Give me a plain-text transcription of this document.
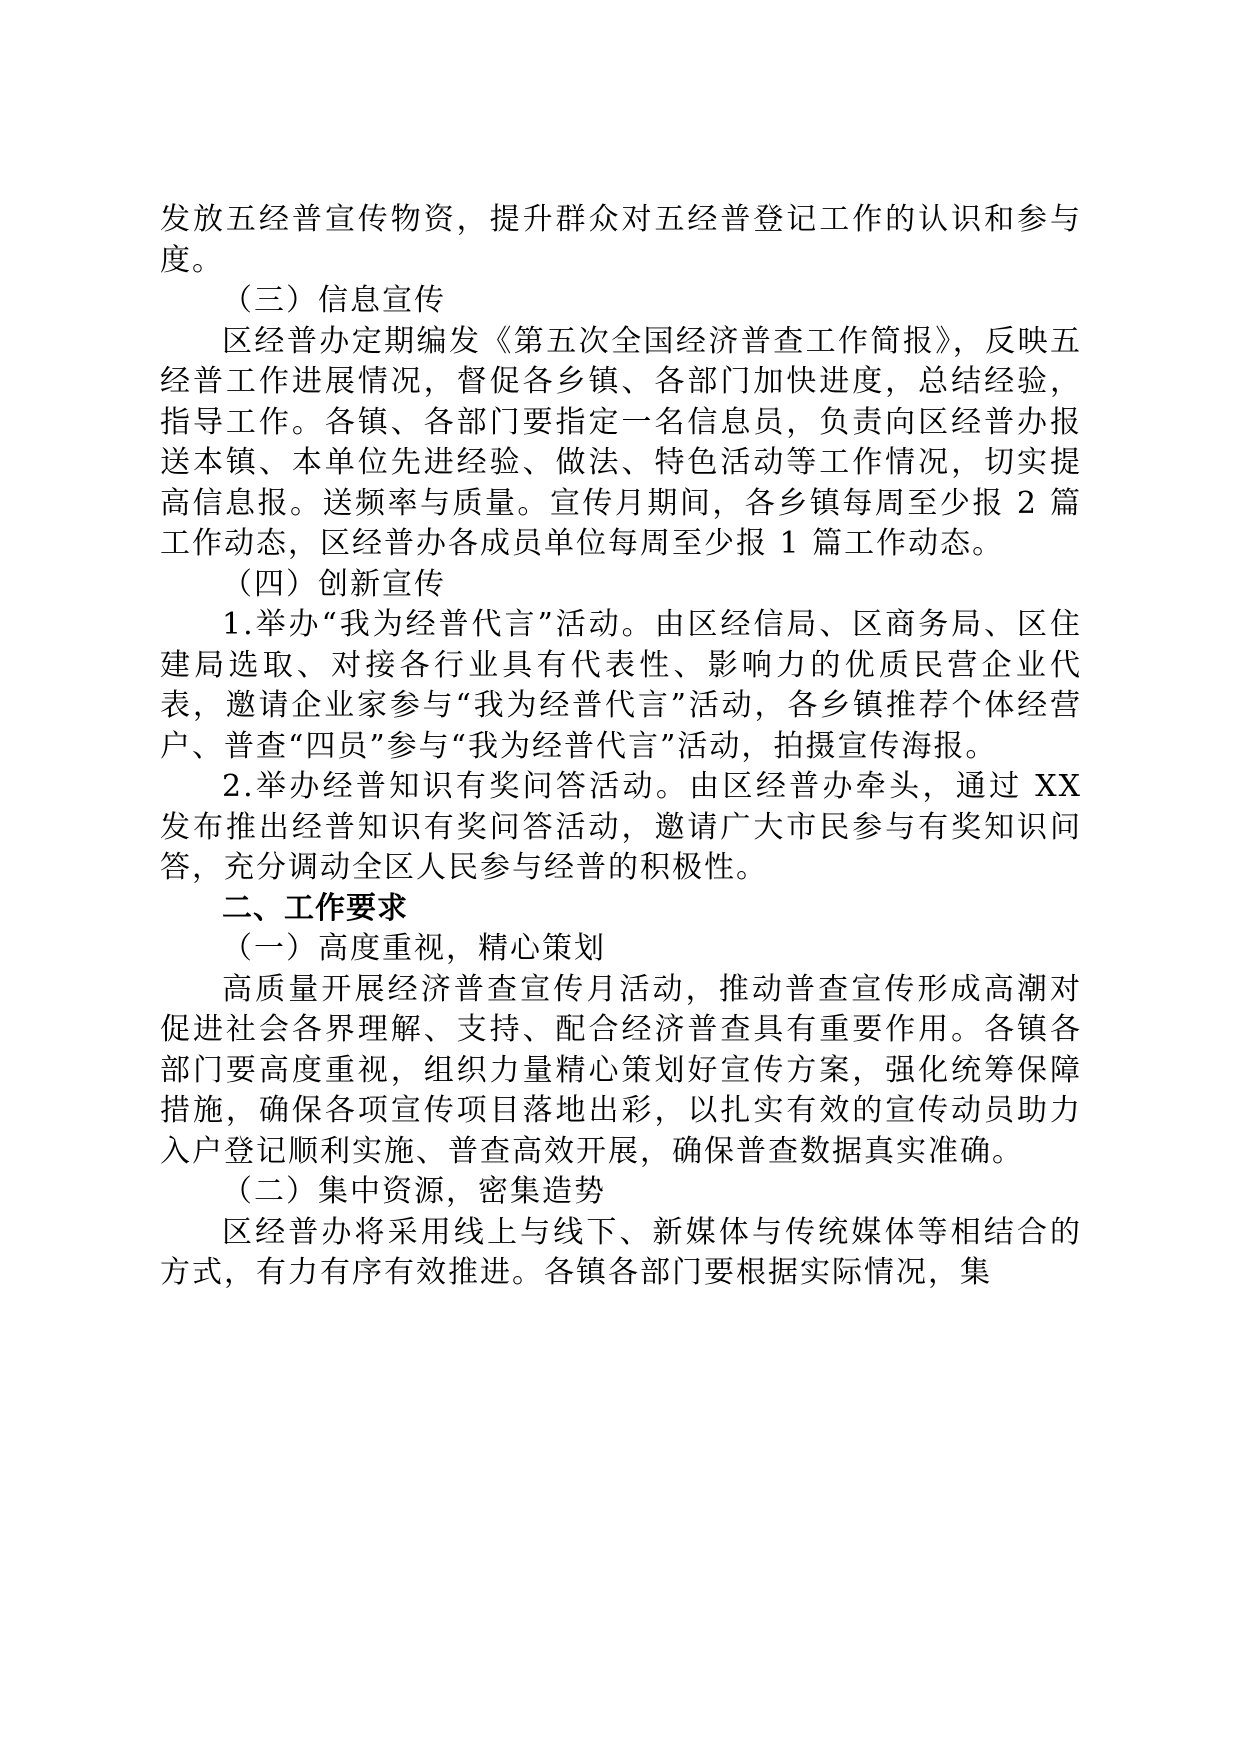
发放五经普宣传物资，提升群众对五经普登记工作的认识和参与度。

（三）信息宣传

区经普办定期编发《第五次全国经济普查工作简报》，反映五经普工作进展情况，督促各乡镇、各部门加快进度，总结经验，指导工作。各镇、各部门要指定一名信息员，负责向区经普办报送本镇、本单位先进经验、做法、特色活动等工作情况，切实提高信息报。送频率与质量。宣传月期间，各乡镇每周至少报 2 篇工作动态，区经普办各成员单位每周至少报 1 篇工作动态。

（四）创新宣传

1.举办“我为经普代言”活动。由区经信局、区商务局、区住建局选取、对接各行业具有代表性、影响力的优质民营企业代表，邀请企业家参与“我为经普代言”活动，各乡镇推荐个体经营户、普查“四员”参与“我为经普代言”活动，拍摄宣传海报。

2.举办经普知识有奖问答活动。由区经普办牵头，通过 XX 发布推出经普知识有奖问答活动，邀请广大市民参与有奖知识问答，充分调动全区人民参与经普的积极性。

二、工作要求

（一）高度重视，精心策划

高质量开展经济普查宣传月活动，推动普查宣传形成高潮对促进社会各界理解、支持、配合经济普查具有重要作用。各镇各部门要高度重视，组织力量精心策划好宣传方案，强化统筹保障措施，确保各项宣传项目落地出彩，以扎实有效的宣传动员助力入户登记顺利实施、普查高效开展，确保普查数据真实准确。

（二）集中资源，密集造势

区经普办将采用线上与线下、新媒体与传统媒体等相结合的方式，有力有序有效推进。各镇各部门要根据实际情况，集
